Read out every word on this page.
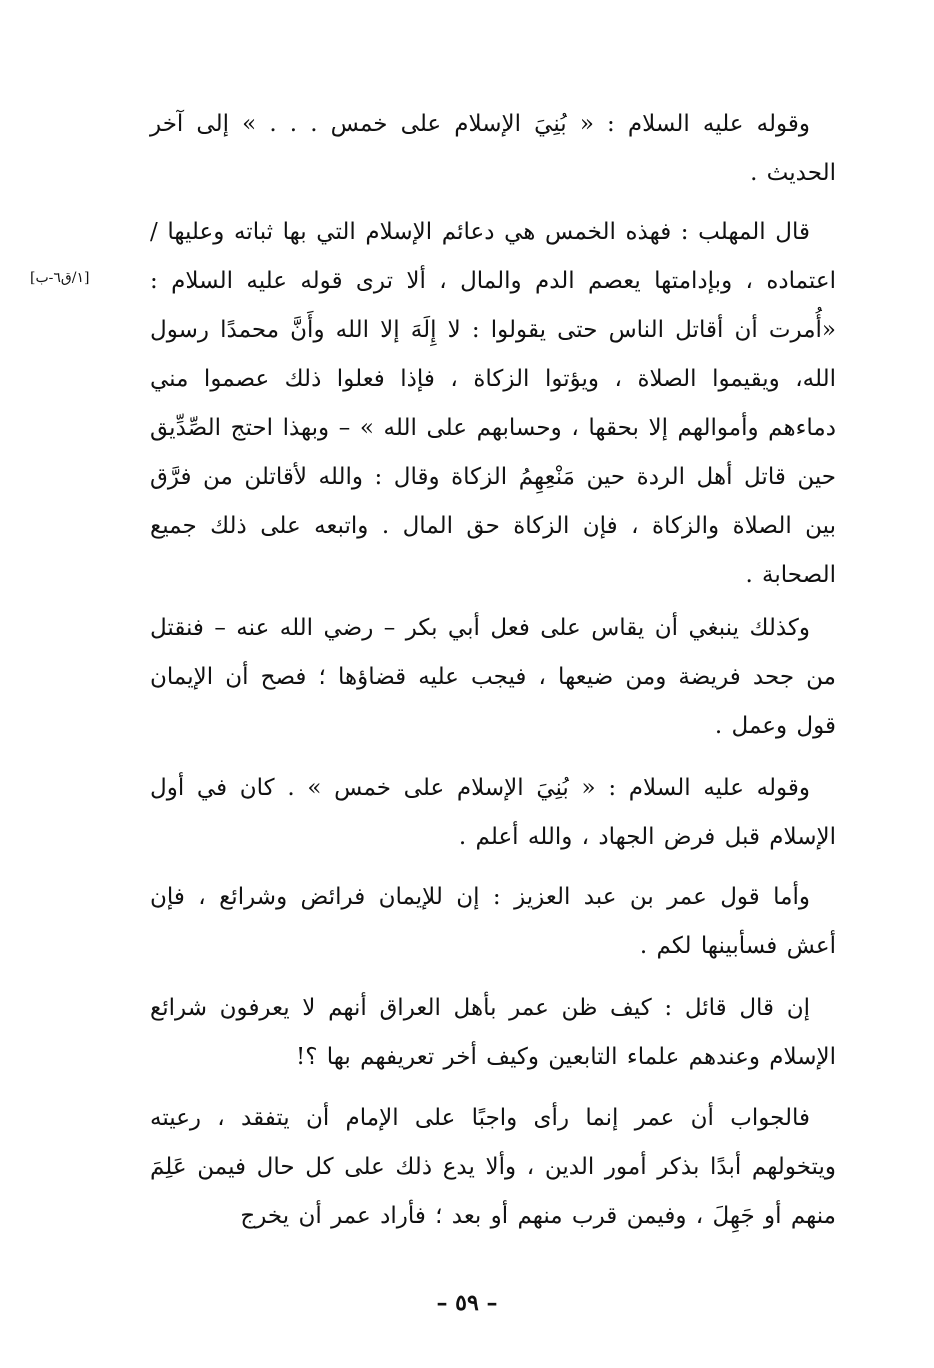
وقوله عليه السلام : « بُنِيَ الإسلام على خمس . . . » إلى آخر الحديث .

قال المهلب : فهذه الخمس هي دعائم الإسلام التي بها ثباته وعليها / اعتماده ، وبإدامتها يعصم الدم والمال ، ألا ترى قوله عليه السلام : «أُمرت أن أقاتل الناس حتى يقولوا : لا إِلَهَ إلا الله وأَنَّ محمدًا رسول الله، ويقيموا الصلاة ، ويؤتوا الزكاة ، فإذا فعلوا ذلك عصموا مني دماءهم وأموالهم إلا بحقها ، وحسابهم على الله » – وبهذا احتج الصِّدِّيق حين قاتل أهل الردة حين مَنْعِهِمُ الزكاة وقال : والله لأقاتلن من فرَّق بين الصلاة والزكاة ، فإن الزكاة حق المال . واتبعه على ذلك جميع الصحابة .

[١/ق٦-ب]

وكذلك ينبغي أن يقاس على فعل أبي بكر – رضي الله عنه – فنقتل من جحد فريضة ومن ضيعها ، فيجب عليه قضاؤها ؛ فصح أن الإيمان قول وعمل .

وقوله عليه السلام : « بُنِيَ الإسلام على خمس » . كان في أول الإسلام قبل فرض الجهاد ، والله أعلم .

وأما قول عمر بن عبد العزيز : إن للإيمان فرائض وشرائع ، فإن أعش فسأبينها لكم .

إن قال قائل : كيف ظن عمر بأهل العراق أنهم لا يعرفون شرائع الإسلام وعندهم علماء التابعين وكيف أخر تعريفهم بها ؟!

فالجواب أن عمر إنما رأى واجبًا على الإمام أن يتفقد ، رعيته ويتخولهم أبدًا بذكر أمور الدين ، وألا يدع ذلك على كل حال فيمن عَلِمَ منهم أو جَهِلَ ، وفيمن قرب منهم أو بعد ؛ فأراد عمر أن يخرج

– ٥٩ –
